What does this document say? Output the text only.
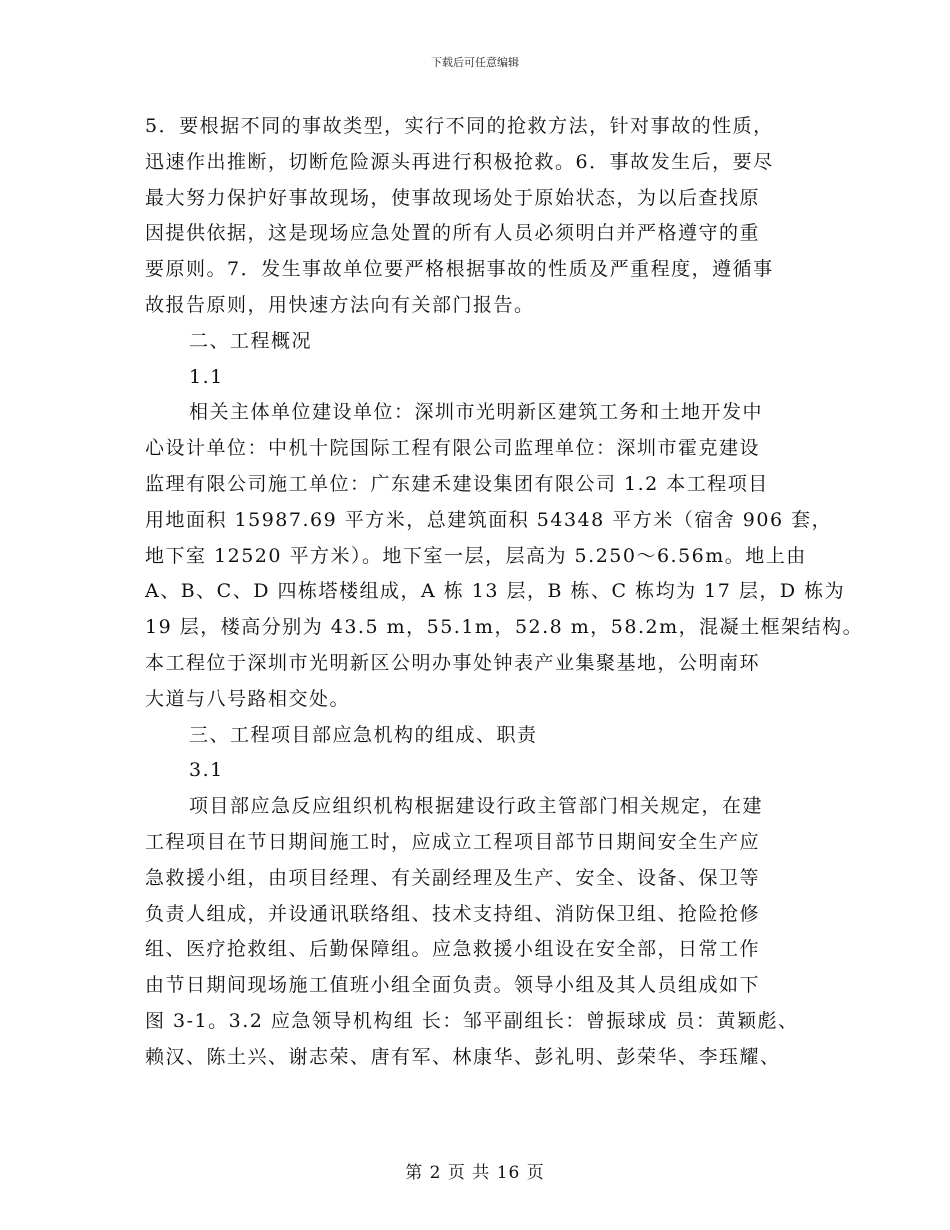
下载后可任意编辑
5．要根据不同的事故类型，实行不同的抢救方法，针对事故的性质，
迅速作出推断，切断危险源头再进行积极抢救。6．事故发生后，要尽
最大努力保护好事故现场，使事故现场处于原始状态，为以后查找原
因提供依据，这是现场应急处置的所有人员必须明白并严格遵守的重
要原则。7．发生事故单位要严格根据事故的性质及严重程度，遵循事
故报告原则，用快速方法向有关部门报告。
二、工程概况
1.1
相关主体单位建设单位：深圳市光明新区建筑工务和土地开发中
心设计单位：中机十院国际工程有限公司监理单位：深圳市霍克建设
监理有限公司施工单位：广东建禾建设集团有限公司 1.2 本工程项目
用地面积 15987.69 平方米，总建筑面积 54348 平方米（宿舍 906 套，
地下室 12520 平方米）。地下室一层，层高为 5.250～6.56m。地上由
A、B、C、D 四栋塔楼组成，A 栋 13 层，B 栋、C 栋均为 17 层，D 栋为
19 层，楼高分别为 43.5 m，55.1m，52.8 m，58.2m，混凝土框架结构。
本工程位于深圳市光明新区公明办事处钟表产业集聚基地，公明南环
大道与八号路相交处。
三、工程项目部应急机构的组成、职责
3.1
项目部应急反应组织机构根据建设行政主管部门相关规定，在建
工程项目在节日期间施工时，应成立工程项目部节日期间安全生产应
急救援小组，由项目经理、有关副经理及生产、安全、设备、保卫等
负责人组成，并设通讯联络组、技术支持组、消防保卫组、抢险抢修
组、医疗抢救组、后勤保障组。应急救援小组设在安全部，日常工作
由节日期间现场施工值班小组全面负责。领导小组及其人员组成如下
图 3-1。3.2 应急领导机构组 长：邹平副组长：曾振球成 员：黄颖彪、
赖汉、陈土兴、谢志荣、唐有军、林康华、彭礼明、彭荣华、李珏耀、
第 2 页 共 16 页
